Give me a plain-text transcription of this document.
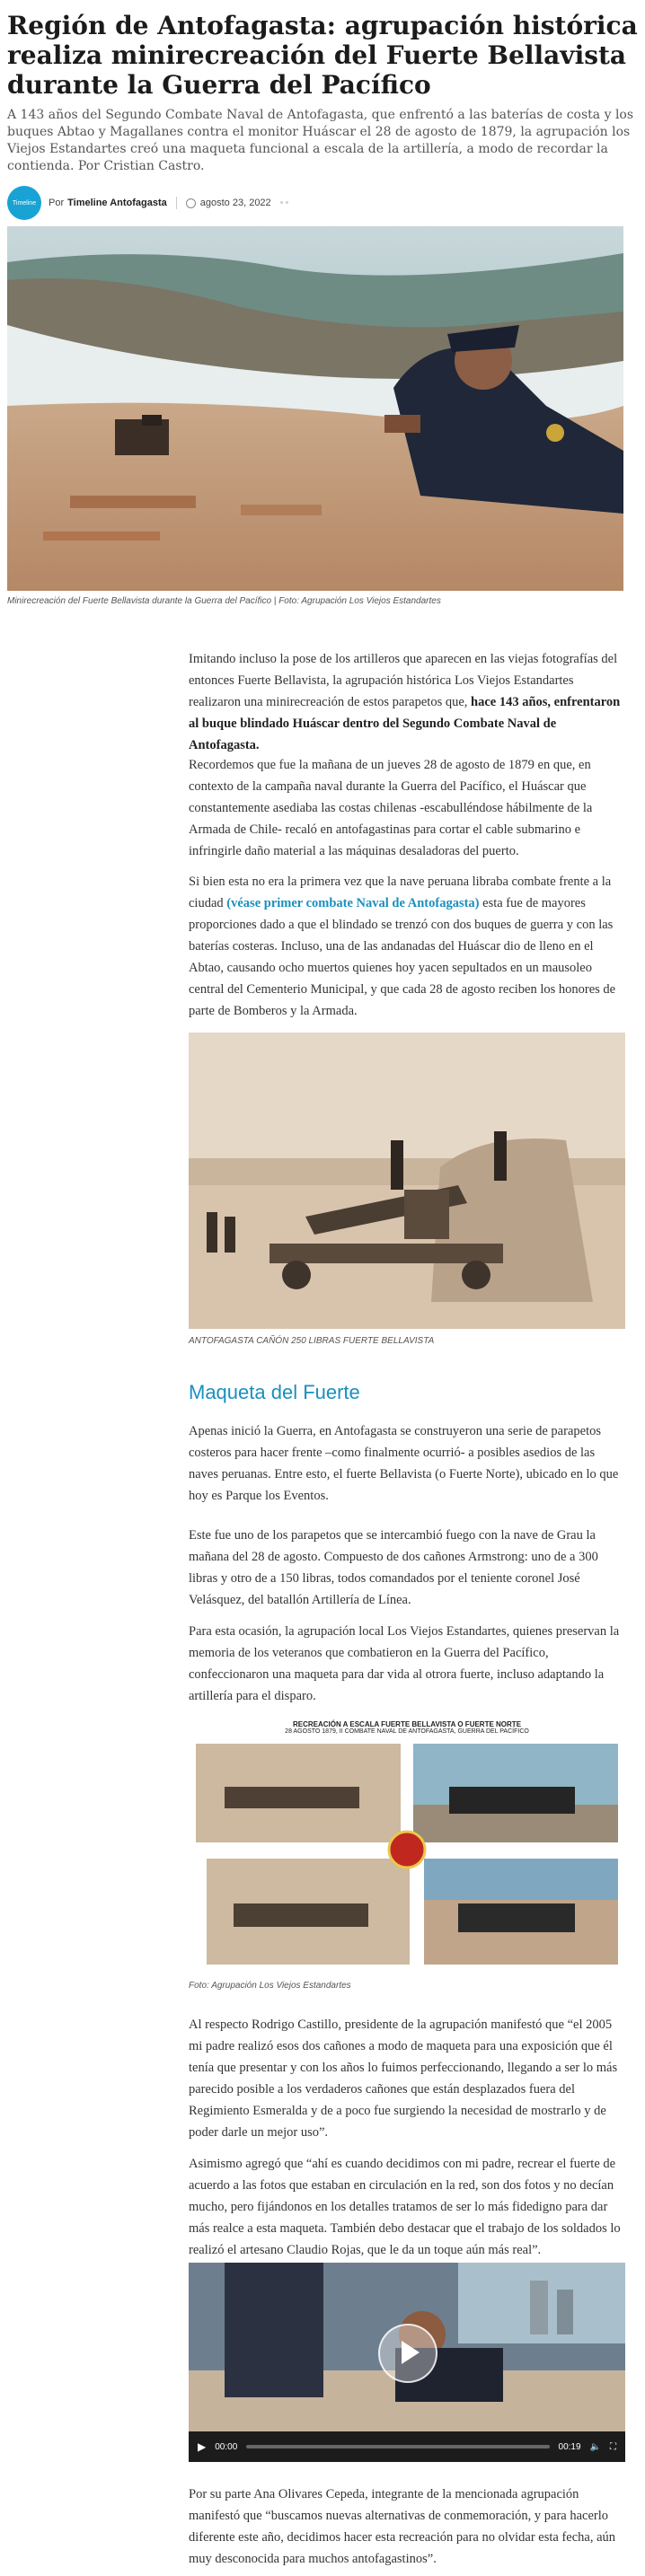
Región de Antofagasta: agrupación histórica realiza minirecreación del Fuerte Bellavista durante la Guerra del Pacífico

A 143 años del Segundo Combate Naval de Antofagasta, que enfrentó a las baterías de costa y los buques Abtao y Magallanes contra el monitor Huáscar el 28 de agosto de 1879, la agrupación los Viejos Estandartes creó una maqueta funcional a escala de la artillería, a modo de recordar la contienda. Por Cristian Castro.

Timeline	Por Timeline Antofagasta	agosto 23, 2022 ••
Minirecreación del Fuerte Bellavista durante la Guerra del Pacífico | Foto: Agrupación Los Viejos Estandartes

Imitando incluso la pose de los artilleros que aparecen en las viejas fotografías del entonces Fuerte Bellavista, la agrupación histórica Los Viejos Estandartes realizaron una minirecreación de estos parapetos que, hace 143 años, enfrentaron al buque blindado Huáscar dentro del Segundo Combate Naval de Antofagasta.

Recordemos que fue la mañana de un jueves 28 de agosto de 1879 en que, en contexto de la campaña naval durante la Guerra del Pacífico, el Huáscar que constantemente asediaba las costas chilenas -escabulléndose hábilmente de la Armada de Chile- recaló en antofagastinas para cortar el cable submarino e infringirle daño material a las máquinas desaladoras del puerto.

Si bien esta no era la primera vez que la nave peruana libraba combate frente a la ciudad (véase primer combate Naval de Antofagasta) esta fue de mayores proporciones dado a que el blindado se trenzó con dos buques de guerra y con las baterías costeras. Incluso, una de las andanadas del Huáscar dio de lleno en el Abtao, causando ocho muertos quienes hoy yacen sepultados en un mausoleo central del Cementerio Municipal, y que cada 28 de agosto reciben los honores de parte de Bomberos y la Armada.

ANTOFAGASTA CAÑÓN 250 LIBRAS FUERTE BELLAVISTA
Maqueta del Fuerte

Apenas inició la Guerra, en Antofagasta se construyeron una serie de parapetos costeros para hacer frente –como finalmente ocurrió- a posibles asedios de las naves peruanas. Entre esto, el fuerte Bellavista (o Fuerte Norte), ubicado en lo que hoy es Parque los Eventos.

Este fue uno de los parapetos que se intercambió fuego con la nave de Grau la mañana del 28 de agosto. Compuesto de dos cañones Armstrong: uno de a 300 libras y otro de a 150 libras, todos comandados por el teniente coronel José Velásquez, del batallón Artillería de Línea.

Para esta ocasión, la agrupación local Los Viejos Estandartes, quienes preservan la memoria de los veteranos que combatieron en la Guerra del Pacífico, confeccionaron una maqueta para dar vida al otrora fuerte, incluso adaptando la artillería para el disparo.

RECREACIÓN A ESCALA FUERTE BELLAVISTA O FUERTE NORTE
28 AGOSTO 1879, II COMBATE NAVAL DE ANTOFAGASTA, GUERRA DEL PACÍFICO
Foto: Agrupación Los Viejos Estandartes

Al respecto Rodrigo Castillo, presidente de la agrupación manifestó que “el 2005 mi padre realizó esos dos cañones a modo de maqueta para una exposición que él tenía que presentar y con los años lo fuimos perfeccionando, llegando a ser lo más parecido posible a los verdaderos cañones que están desplazados fuera del Regimiento Esmeralda y de a poco fue surgiendo la necesidad de mostrarlo y de poder darle un mejor uso”.

Asimismo agregó que “ahí es cuando decidimos con mi padre, recrear el fuerte de acuerdo a las fotos que estaban en circulación en la red, son dos fotos y no decían mucho, pero fijándonos en los detalles tratamos de ser lo más fidedigno para dar más realce a esta maqueta. También debo destacar que el trabajo de los soldados lo realizó el artesano Claudio Rojas, que le da un toque aún más real”.

▶ 00:00	00:19 🔈 ⛶

Por su parte Ana Olivares Cepeda, integrante de la mencionada agrupación manifestó que “buscamos nuevas alternativas de conmemoración, y para hacerlo diferente este año, decidimos hacer esta recreación para no olvidar esta fecha, aún muy desconocida para muchos antofagastinos”.
